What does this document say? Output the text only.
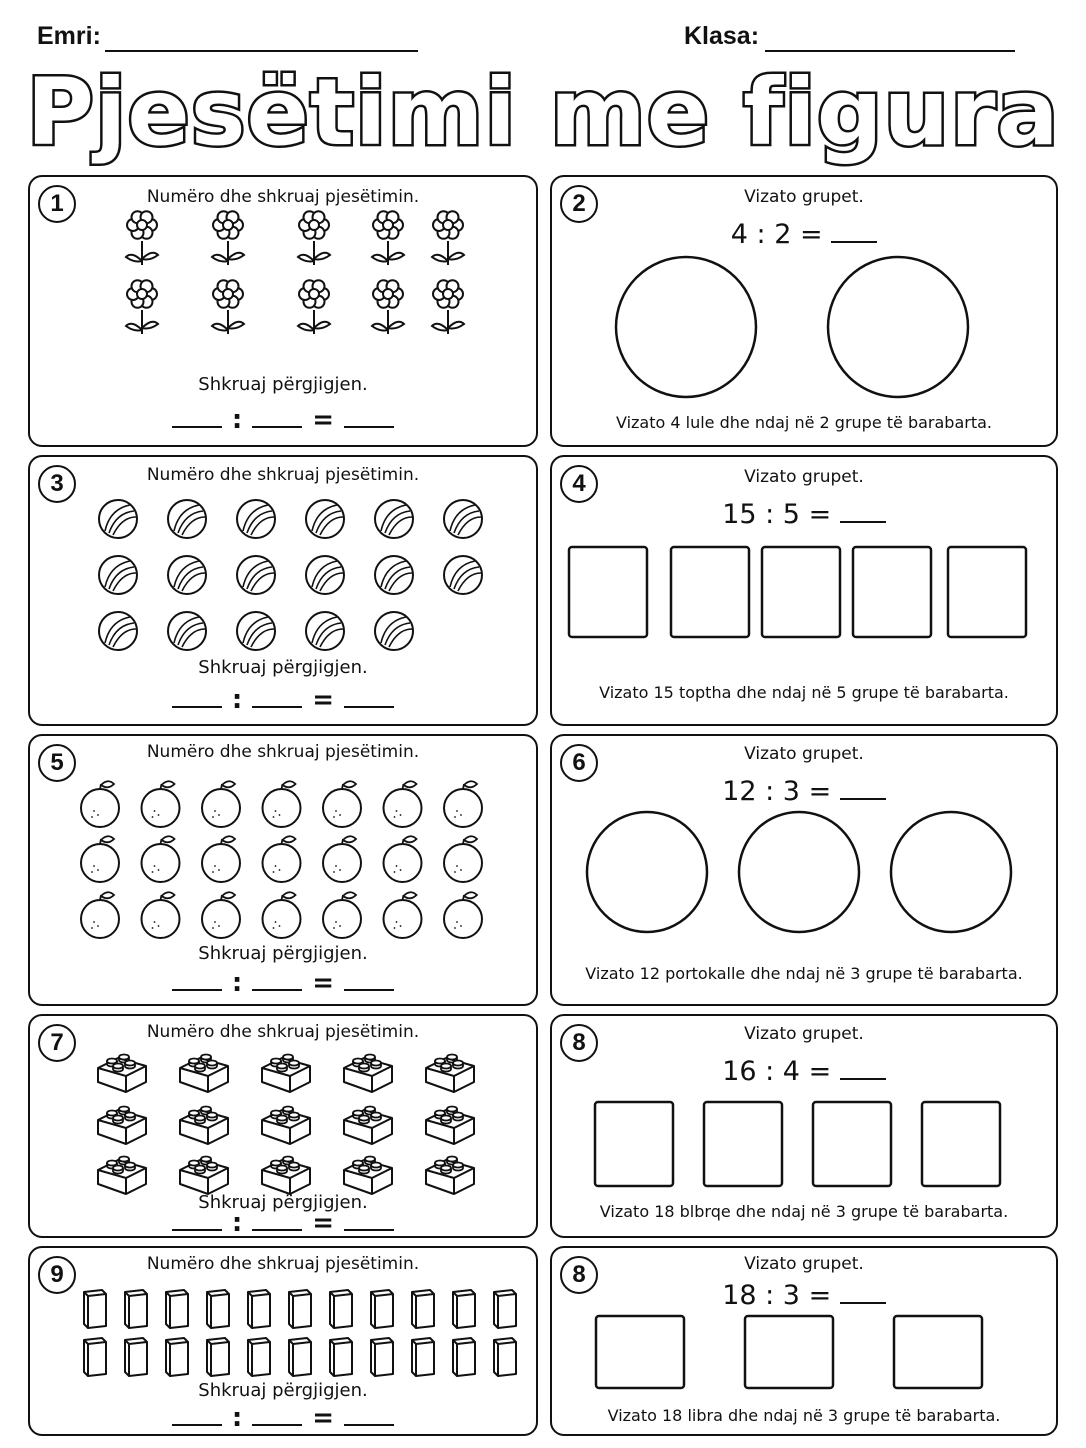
Emri:	Klasa:
Pjesëtimi me figura
1	Numëro dhe shkruaj pjesëtimin.
Shkruaj përgjigjen.
:	=
2	Vizato grupet.
4 : 2 =
Vizato 4 lule dhe ndaj në 2 grupe të barabarta.
3	Numëro dhe shkruaj pjesëtimin.
Shkruaj përgjigjen.
:	=
4	Vizato grupet.
15 : 5 =
Vizato 15 toptha dhe ndaj në 5 grupe të barabarta.
5	Numëro dhe shkruaj pjesëtimin.
Shkruaj përgjigjen.
:	=
6	Vizato grupet.
12 : 3 =
Vizato 12 portokalle dhe ndaj në 3 grupe të barabarta.
7	Numëro dhe shkruaj pjesëtimin.
Shkruaj përgjigjen.
:	=
8	Vizato grupet.
16 : 4 =
Vizato 18 blbrqe dhe ndaj në 3 grupe të barabarta.
9	Numëro dhe shkruaj pjesëtimin.
Shkruaj përgjigjen.
:	=
8	Vizato grupet.
18 : 3 =
Vizato 18 libra dhe ndaj në 3 grupe të barabarta.
